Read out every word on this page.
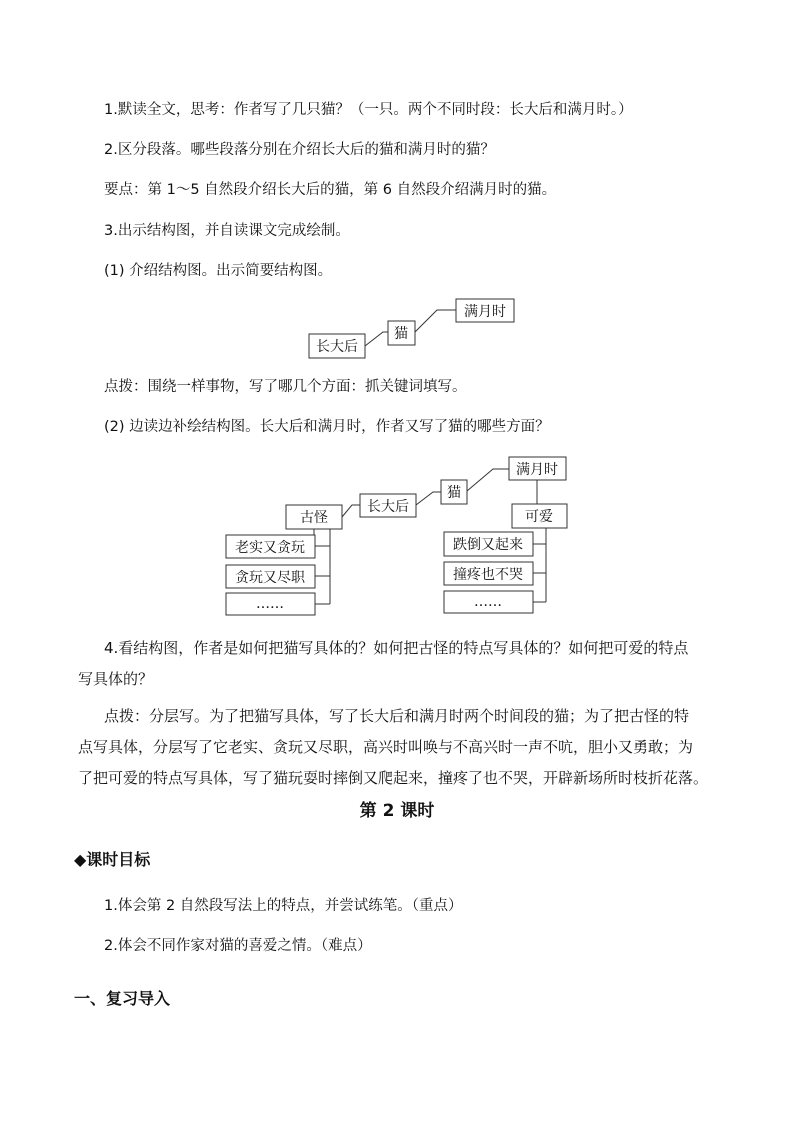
1.默读全文，思考：作者写了几只猫？（一只。两个不同时段：长大后和满月时。）
2.区分段落。哪些段落分别在介绍长大后的猫和满月时的猫？
要点：第 1～5 自然段介绍长大后的猫，第 6 自然段介绍满月时的猫。
3.出示结构图，并自读课文完成绘制。
(1) 介绍结构图。出示简要结构图。
长大后
猫
满月时
点拨：围绕一样事物，写了哪几个方面：抓关键词填写。
(2) 边读边补绘结构图。长大后和满月时，作者又写了猫的哪些方面？
满月时
猫
长大后
古怪
老实又贪玩
贪玩又尽职
……
可爱
跌倒又起来
撞疼也不哭
……
4.看结构图，作者是如何把猫写具体的？如何把古怪的特点写具体的？如何把可爱的特点
写具体的？
点拨：分层写。为了把猫写具体，写了长大后和满月时两个时间段的猫；为了把古怪的特
点写具体，分层写了它老实、贪玩又尽职，高兴时叫唤与不高兴时一声不吭，胆小又勇敢；为
了把可爱的特点写具体，写了猫玩耍时摔倒又爬起来，撞疼了也不哭，开辟新场所时枝折花落。
第 2 课时
◆课时目标
1.体会第 2 自然段写法上的特点，并尝试练笔。（重点）
2.体会不同作家对猫的喜爱之情。（难点）
一、复习导入
